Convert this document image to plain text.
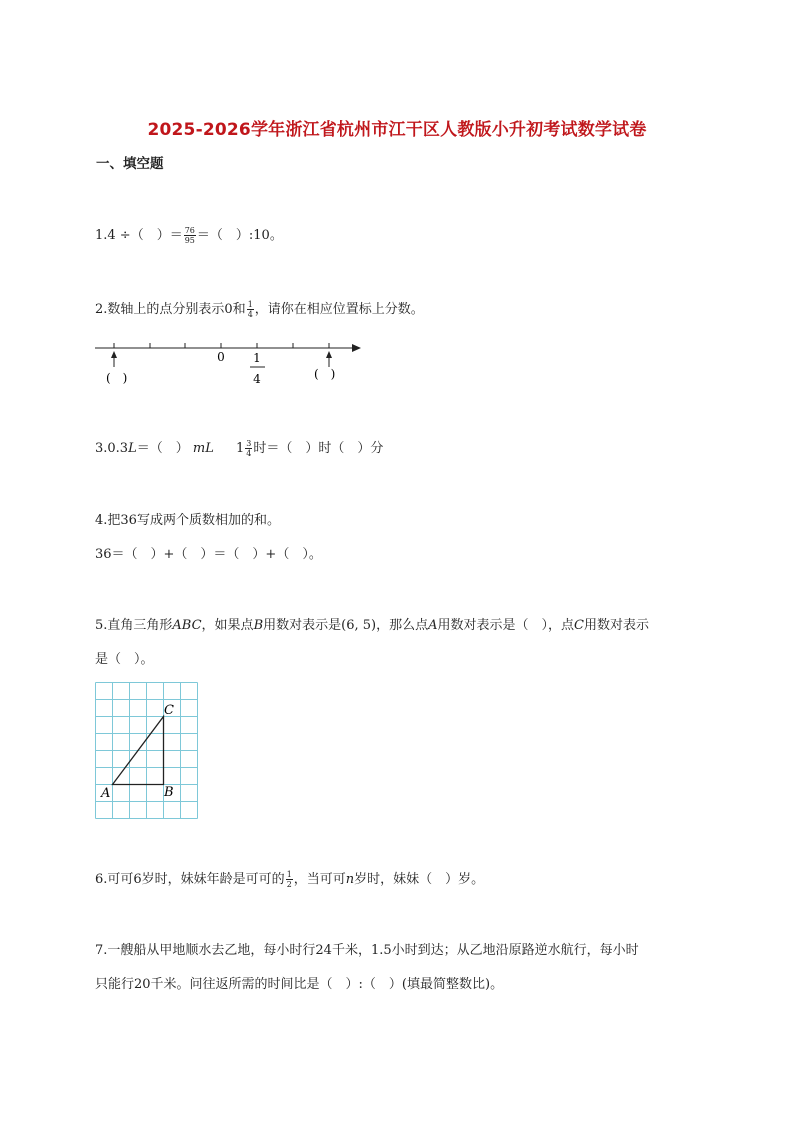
2025-2026学年浙江省杭州市江干区人教版小升初考试数学试卷
一、填空题
1.4 ÷（　）＝ $\frac{76}{95}$ ＝（　）:10。
2.数轴上的点分别表示0和 $\frac{1}{4}$ ，请你在相应位置标上分数。
0 1
4
(　)	(　)
3.0.3L＝（　） mL $1 \frac{3}{4}$ 时＝（　）时（　）分
4.把36写成两个质数相加的和。
36＝（　）+（　）＝（　）+（　）。
5.直角三角形ABC，如果点B用数对表示是(6, 5)，那么点A用数对表示是（　），点C用数对表示
是（　）。
A	B
C
6.可可6岁时，妹妹年龄是可可的 $\frac{1}{2}$ ，当可可n岁时，妹妹（　）岁。
7.一艘船从甲地顺水去乙地，每小时行24千米，1.5小时到达；从乙地沿原路逆水航行，每小时
只能行20千米。问往返所需的时间比是（　）:（　）(填最简整数比)。
